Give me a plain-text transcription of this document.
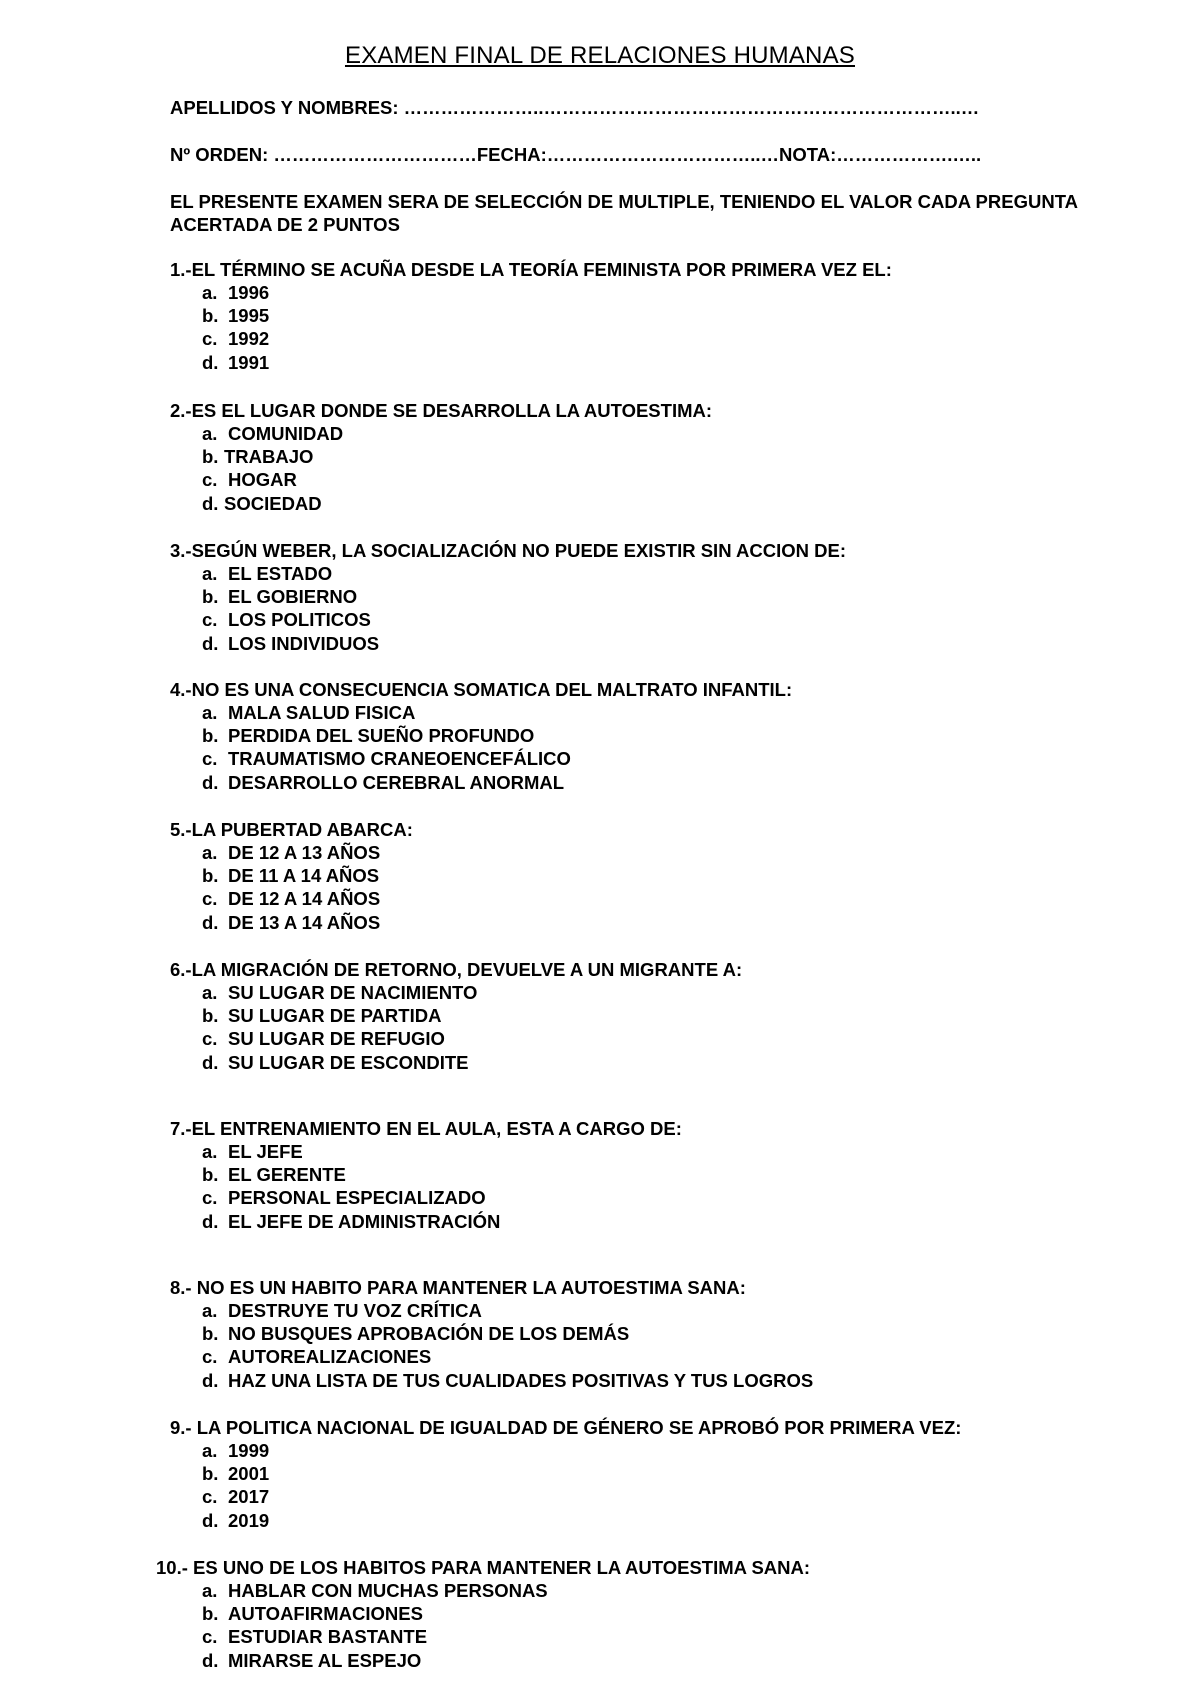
EXAMEN FINAL DE RELACIONES HUMANAS
APELLIDOS Y NOMBRES: …………………..…………………………………………………………..…
Nº ORDEN: ……………………………FECHA:……………………………..…NOTA:……………….…..
EL PRESENTE EXAMEN SERA DE SELECCIÓN DE MULTIPLE, TENIENDO EL VALOR CADA PREGUNTA ACERTADA DE 2 PUNTOS
1.-EL TÉRMINO SE ACUÑA DESDE LA TEORÍA FEMINISTA POR PRIMERA VEZ EL:
a. 1996
b. 1995
c. 1992
d. 1991
2.-ES EL LUGAR DONDE SE DESARROLLA LA AUTOESTIMA:
a. COMUNIDAD
b. TRABAJO
c. HOGAR
d. SOCIEDAD
3.-SEGÚN WEBER, LA SOCIALIZACIÓN NO PUEDE EXISTIR SIN ACCION DE:
a. EL ESTADO
b. EL GOBIERNO
c. LOS POLITICOS
d. LOS INDIVIDUOS
4.-NO ES UNA CONSECUENCIA SOMATICA DEL MALTRATO INFANTIL:
a. MALA SALUD FISICA
b. PERDIDA DEL SUEÑO PROFUNDO
c. TRAUMATISMO CRANEOENCEFÁLICO
d. DESARROLLO CEREBRAL ANORMAL
5.-LA PUBERTAD ABARCA:
a. DE 12 A 13 AÑOS
b. DE 11 A 14 AÑOS
c. DE 12 A 14 AÑOS
d. DE 13 A 14 AÑOS
6.-LA MIGRACIÓN DE RETORNO, DEVUELVE A UN MIGRANTE A:
a. SU LUGAR DE NACIMIENTO
b. SU LUGAR DE PARTIDA
c. SU LUGAR DE REFUGIO
d. SU LUGAR DE ESCONDITE
7.-EL ENTRENAMIENTO EN EL AULA, ESTA A CARGO DE:
a. EL JEFE
b. EL GERENTE
c. PERSONAL ESPECIALIZADO
d. EL JEFE DE ADMINISTRACIÓN
8.- NO ES UN HABITO PARA MANTENER LA AUTOESTIMA SANA:
a. DESTRUYE TU VOZ CRÍTICA
b. NO BUSQUES APROBACIÓN DE LOS DEMÁS
c. AUTOREALIZACIONES
d. HAZ UNA LISTA DE TUS CUALIDADES POSITIVAS Y TUS LOGROS
9.- LA POLITICA NACIONAL DE IGUALDAD DE GÉNERO SE APROBÓ POR PRIMERA VEZ:
a. 1999
b. 2001
c. 2017
d. 2019
10.- ES UNO DE LOS HABITOS PARA MANTENER LA AUTOESTIMA SANA:
a. HABLAR CON MUCHAS PERSONAS
b. AUTOAFIRMACIONES
c. ESTUDIAR BASTANTE
d. MIRARSE AL ESPEJO
